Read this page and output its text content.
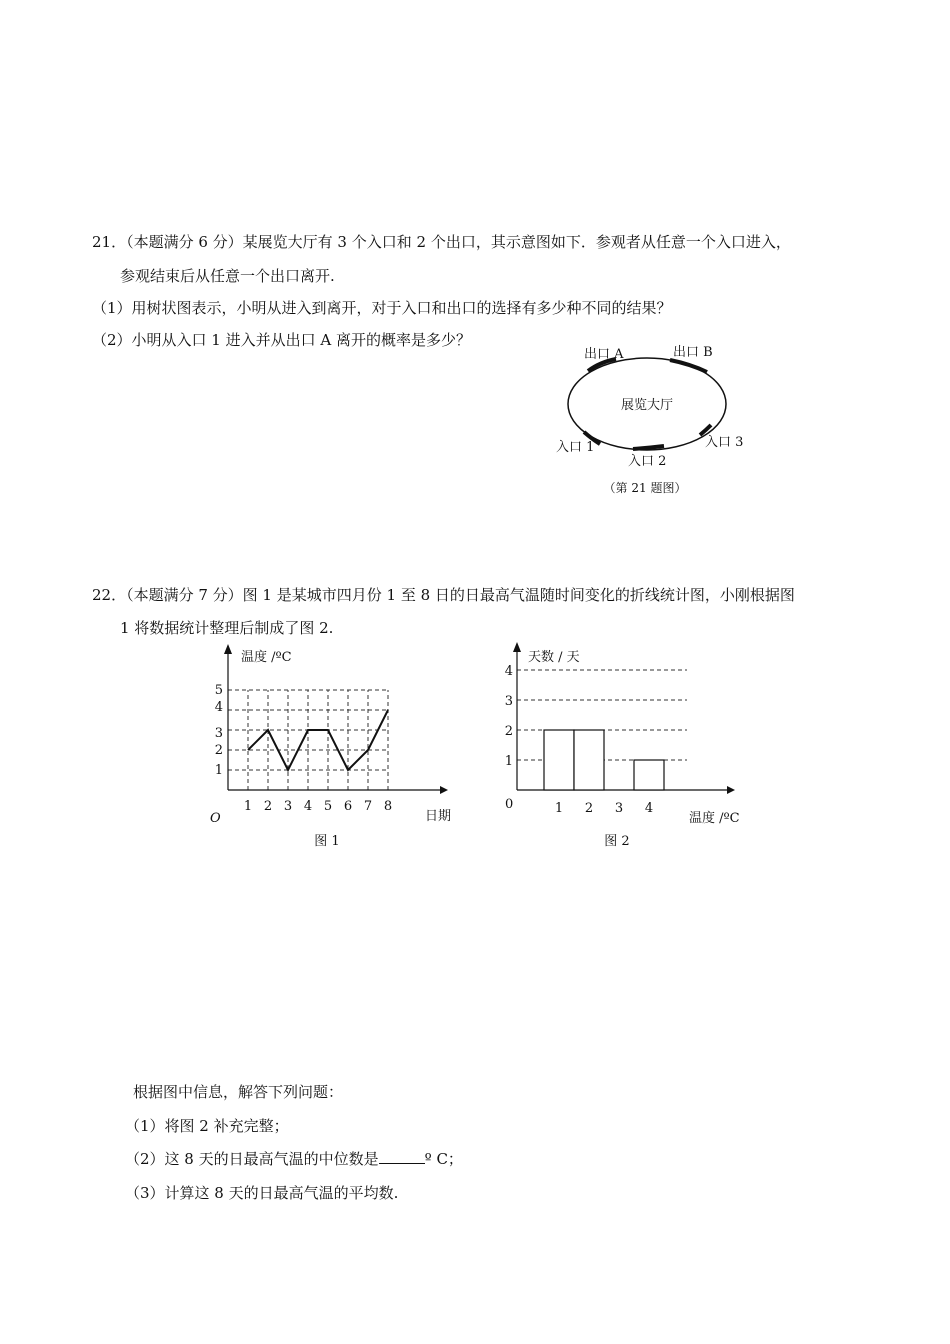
21．（本题满分 6 分）某展览大厅有 3 个入口和 2 个出口，其示意图如下．参观者从任意一个入口进入，
参观结束后从任意一个出口离开.
（1）用树状图表示，小明从进入到离开，对于入口和出口的选择有多少种不同的结果？
（2）小明从入口 1 进入并从出口 A 离开的概率是多少？
展览大厅
出口 A	出口 B
入口 1
入口 2
入口 3
（第 21 题图）
22．（本题满分 7 分）图 1 是某城市四月份 1 至 8 日的日最高气温随时间变化的折线统计图，小刚根据图
1 将数据统计整理后制成了图 2.
温度 /ºC
日期
O
1
2
3
4
5
1 2 3 4 5 6 7 8
图 1
天数 / 天
温度 /ºC
0
1
2
3
4
1 2 3 4
图 2
根据图中信息，解答下列问题：
（1）将图 2 补充完整；
（2）这 8 天的日最高气温的中位数是	º C；
（3）计算这 8 天的日最高气温的平均数.
